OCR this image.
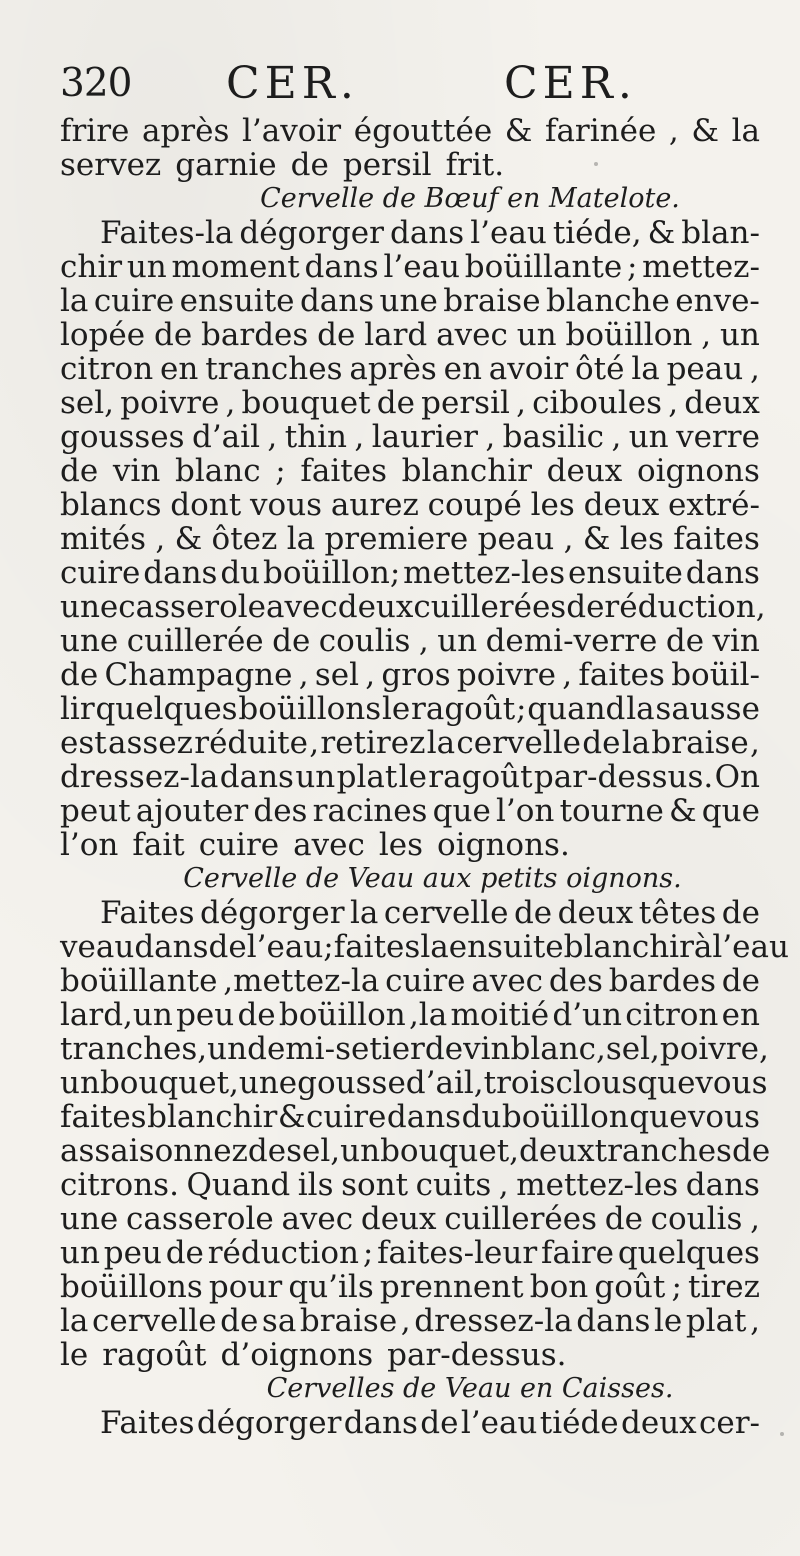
320 CER.	CER.
frire après l’avoir égouttée & farinée , & la
servez garnie de persil frit.
Cervelle de Bœuf en Matelote.
Faites-la dégorger dans l’eau tiéde, & blan-
chir un moment dans l’eau boüillante ; mettez-
la cuire ensuite dans une braise blanche enve-
lopée de bardes de lard avec un boüillon , un
citron en tranches après en avoir ôté la peau ,
sel, poivre , bouquet de persil , ciboules , deux
gousses d’ail , thin , laurier , basilic , un verre
de vin blanc ; faites blanchir deux oignons
blancs dont vous aurez coupé les deux extré-
mités , & ôtez la premiere peau , & les faites
cuire dans du boüillon; mettez-les ensuite dans
une casserole avec deux cuillerées de réduction,
une cuillerée de coulis , un demi-verre de vin
de Champagne , sel , gros poivre , faites boüil-
lir quelques boüillons le ragoût ; quand la sausse
est assez réduite , retirez la cervelle de la braise ,
dressez-la dans un plat le ragoût par-dessus. On
peut ajouter des racines que l’on tourne & que
l’on fait cuire avec les oignons.
Cervelle de Veau aux petits oignons.
Faites dégorger la cervelle de deux têtes de
veau dans de l’eau;faites la ensuite blanchir à l’eau
boüillante ,mettez-la cuire avec des bardes de
lard,un peu de boüillon ,la moitié d’un citron en
tranches,un demi-setier de vin blanc,sel,poivre,
un bouquet,une gousse d’ail,trois clous que vous
faites blanchir & cuire dans du boüillon que vous
assaisonnez de sel, un bouquet, deux tranches de
citrons. Quand ils sont cuits , mettez-les dans
une casserole avec deux cuillerées de coulis ,
un peu de réduction ; faites-leur faire quelques
boüillons pour qu’ils prennent bon goût ; tirez
la cervelle de sa braise , dressez-la dans le plat ,
le ragoût d’oignons par-dessus.
Cervelles de Veau en Caisses.
Faites dégorger dans de l’eau tiéde deux cer-
